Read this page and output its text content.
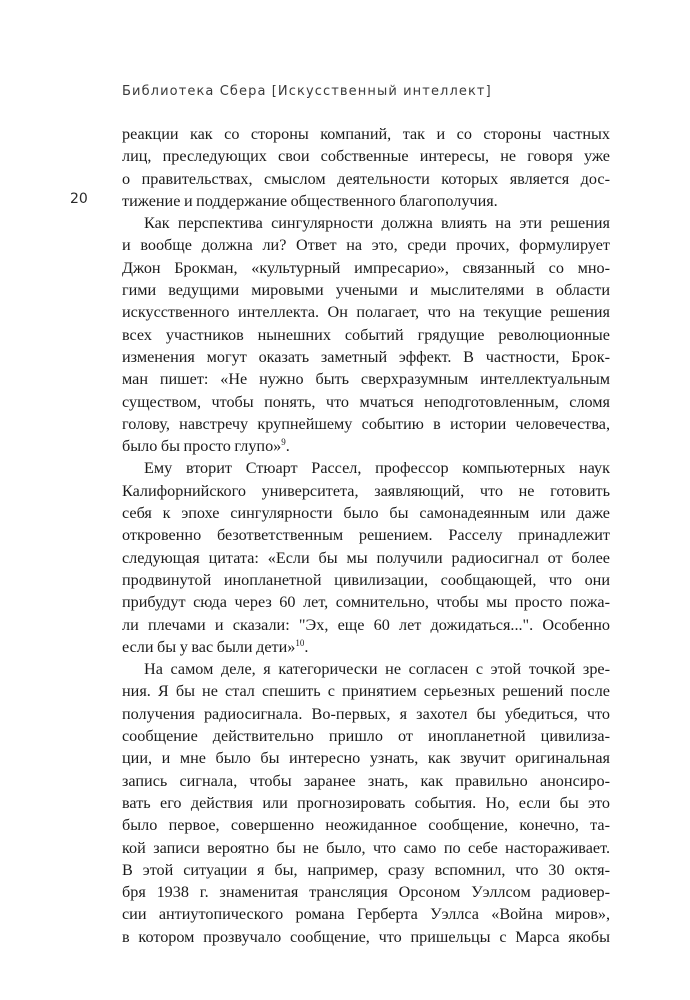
Библиотека Сбера [Искусственный интеллект]
20
реакции как со стороны компаний, так и со стороны частных
лиц, преследующих свои собственные интересы, не говоря уже
о правительствах, смыслом деятельности которых является дос-
тижение и поддержание общественного благополучия.
Как перспектива сингулярности должна влиять на эти решения
и вообще должна ли? Ответ на это, среди прочих, формулирует
Джон Брокман, «культурный импресарио», связанный со мно-
гими ведущими мировыми учеными и мыслителями в области
искусственного интеллекта. Он полагает, что на текущие решения
всех участников нынешних событий грядущие революционные
изменения могут оказать заметный эффект. В частности, Брок-
ман пишет: «Не нужно быть сверхразумным интеллектуальным
существом, чтобы понять, что мчаться неподготовленным, сломя
голову, навстречу крупнейшему событию в истории человечества,
было бы просто глупо»$^9$.
Ему вторит Стюарт Рассел, профессор компьютерных наук
Калифорнийского университета, заявляющий, что не готовить
себя к эпохе сингулярности было бы самонадеянным или даже
откровенно безответственным решением. Расселу принадлежит
следующая цитата: «Если бы мы получили радиосигнал от более
продвинутой инопланетной цивилизации, сообщающей, что они
прибудут сюда через 60 лет, сомнительно, чтобы мы просто пожа-
ли плечами и сказали: "Эх, еще 60 лет дожидаться...". Особенно
если бы у вас были дети»$^{10}$.
На самом деле, я категорически не согласен с этой точкой зре-
ния. Я бы не стал спешить с принятием серьезных решений после
получения радиосигнала. Во-первых, я захотел бы убедиться, что
сообщение действительно пришло от инопланетной цивилиза-
ции, и мне было бы интересно узнать, как звучит оригинальная
запись сигнала, чтобы заранее знать, как правильно анонсиро-
вать его действия или прогнозировать события. Но, если бы это
было первое, совершенно неожиданное сообщение, конечно, та-
кой записи вероятно бы не было, что само по себе настораживает.
В этой ситуации я бы, например, сразу вспомнил, что 30 октя-
бря 1938 г. знаменитая трансляция Орсоном Уэллсом радиовер-
сии антиутопического романа Герберта Уэллса «Война миров»,
в котором прозвучало сообщение, что пришельцы с Марса якобы
